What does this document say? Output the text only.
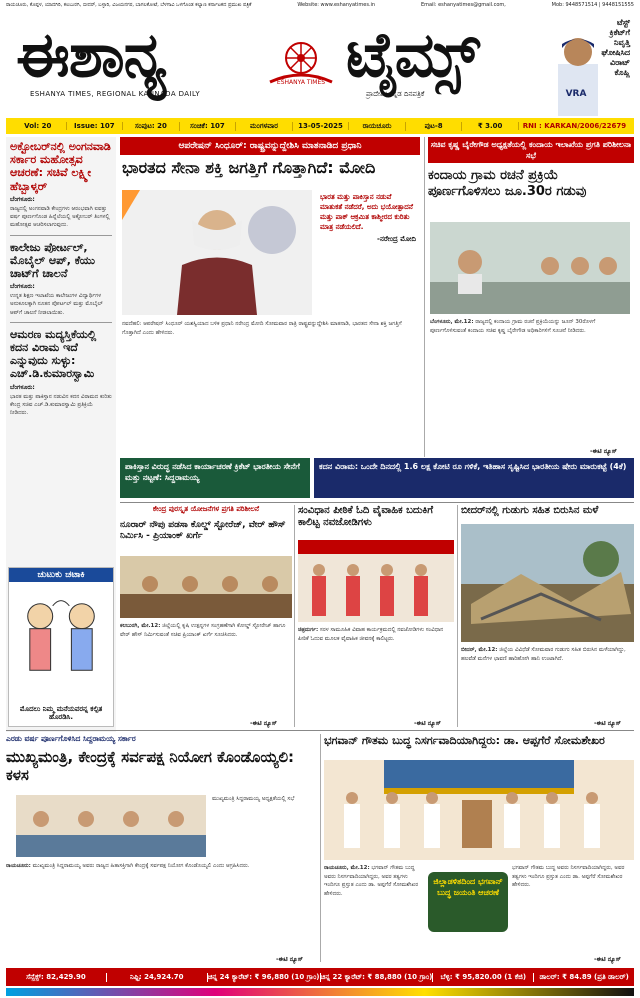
ರಾಯಚೂರು, ಕೊಪ್ಪಳ, ಯಾದಗಿರಿ, ಕಲಬುರಗಿ, ಬೀದರ್, ಬಳ್ಳಾರಿ, ವಿಜಯನಗರ, ಬಾಗಲಕೋಟೆ, ಬೆಳಗಾವಿ ಒಳಗೊಂಡ ಕಲ್ಯಾಣ ಕರ್ನಾಟಕದ ಪ್ರಮುಖ ಪತ್ರಿಕೆ	Website: www.eshanyatimes.in	Email: eshanyatimes@gmail.com,	Mob: 9448571514 | 9448151555
ಈಶಾನ್ಯ	ಟೈಮ್ಸ್
ESHANYA TIMES
ESHANYA TIMES, REGIONAL KANNADA DAILY	ಪ್ರಾದೇಶಿಕ ಕನ್ನಡ ದಿನಪತ್ರಿಕೆ	VRA
ಟೆಸ್ಟ್
ಕ್ರಿಕೆಟ್‌ಗೆ
ನಿವೃತ್ತಿ
ಘೋಷಿಸಿದ
ವಿರಾಟ್
ಕೊಹ್ಲಿ
Vol: 20	Issue: 107	ಸಂಪುಟ: 20	ಸಂಚಿಕೆ: 107	ಮಂಗಳವಾರ	13-05-2025	ರಾಯಚೂರು	ಪುಟ-8	₹ 3.00	RNI : KARKAN/2006/22679
ಅಕ್ಟೋಬರ್‌ನಲ್ಲಿ ಅಂಗನವಾಡಿ ಸರ್ಕಾರ ಮಹೋತ್ಸವ ಆಚರಣೆ: ಸಚಿವೆ ಲಕ್ಷ್ಮೀ ಹೆಬ್ಬಾಳ್ಕರ್
ಬೆಂಗಳೂರು:
ರಾಜ್ಯದಲ್ಲಿ ಅಂಗನವಾಡಿ ಕೇಂದ್ರಗಳು ಆರಂಭವಾಗಿ ಐವತ್ತು ವರ್ಷ ಪೂರ್ಣಗೊಂಡ ಹಿನ್ನೆಲೆಯಲ್ಲಿ ಅಕ್ಟೋಬರ್ ತಿಂಗಳಲ್ಲಿ ಮಹೋತ್ಸವ ಆಚರಿಸಲಾಗುವುದು.
ಕಾಲೇಜು ಪೋರ್ಟಲ್, ಮೊಬೈಲ್ ಆಪ್, ಕೆಯು ಚಾಟ್‌ಗೆ ಚಾಲನೆ
ಬೆಂಗಳೂರು:
ಉನ್ನತ ಶಿಕ್ಷಣ ಇಲಾಖೆಯ ಕಾಲೇಜುಗಳ ವಿದ್ಯಾರ್ಥಿಗಳ ಅನುಕೂಲಕ್ಕಾಗಿ ನೂತನ ಪೋರ್ಟಲ್ ಮತ್ತು ಮೊಬೈಲ್ ಆಪ್‌ಗೆ ಚಾಲನೆ ನೀಡಲಾಯಿತು.
ಆಮರಣ ಮದ್ಯಸ್ತಿಕೆಯಲ್ಲಿ ಕದನ ವಿರಾಮ ಇದೆ ಎನ್ನುವುದು ಸುಳ್ಳು: ಎಚ್.ಡಿ.ಕುಮಾರಸ್ವಾಮಿ
ಬೆಂಗಳೂರು:
ಭಾರತ ಮತ್ತು ಪಾಕಿಸ್ತಾನ ನಡುವಿನ ಕದನ ವಿರಾಮದ ಕುರಿತು ಕೇಂದ್ರ ಸಚಿವ ಎಚ್.ಡಿ.ಕುಮಾರಸ್ವಾಮಿ ಪ್ರತಿಕ್ರಿಯೆ ನೀಡಿದರು.
ಚುಟುಕು ಚಟಾಕಿ
ಮೊದಲು ನಿಮ್ಮ ಮನೆಯವರನ್ನ ಕಲ್ಪಿತ ಹೊರಡಿಸಿ.
ಆಪರೇಷನ್ ಸಿಂಧೂರ್: ರಾಷ್ಟ್ರವನ್ನುದ್ದೇಶಿಸಿ ಮಾತನಾಡಿದ ಪ್ರಧಾನಿ
ಭಾರತದ ಸೇನಾ ಶಕ್ತಿ ಜಗತ್ತಿಗೆ ಗೊತ್ತಾಗಿದೆ: ಮೋದಿ
ಭಾರತ ಮತ್ತು ಪಾಕಿಸ್ತಾನ ನಡುವೆ ಮಾತುಕತೆ ನಡೆದರೆ, ಅದು ಭಯೋತ್ಪಾದನೆ ಮತ್ತು ಪಾಕ್ ಆಕ್ರಮಿತ ಕಾಶ್ಮೀರದ ಕುರಿತು ಮಾತ್ರ ನಡೆಯಲಿದೆ.
-ನರೇಂದ್ರ ಮೋದಿ
ನವದೆಹಲಿ: ಆಪರೇಷನ್ ಸಿಂಧೂರ್ ಯಶಸ್ವಿಯಾದ ಬಳಿಕ ಪ್ರಧಾನಿ ನರೇಂದ್ರ ಮೋದಿ ಸೋಮವಾರ ರಾತ್ರಿ ರಾಷ್ಟ್ರವನ್ನುದ್ದೇಶಿಸಿ ಮಾತನಾಡಿ, ಭಾರತದ ಸೇನಾ ಶಕ್ತಿ ಜಗತ್ತಿಗೆ ಗೊತ್ತಾಗಿದೆ ಎಂದು ಹೇಳಿದರು.
ಸಚಿವ ಕೃಷ್ಣ ಬೈರೇಗೌಡ ಅಧ್ಯಕ್ಷತೆಯಲ್ಲಿ ಕಂದಾಯ ಇಲಾಖೆಯ ಪ್ರಗತಿ ಪರಿಶೀಲನಾ ಸಭೆ
ಕಂದಾಯ ಗ್ರಾಮ ರಚನೆ ಪ್ರಕ್ರಿಯೆ ಪೂರ್ಣಗೊಳಿಸಲು ಜೂ.30ರ ಗಡುವು
ಬೆಂಗಳೂರು, ಮೇ.12: ರಾಜ್ಯದಲ್ಲಿ ಕಂದಾಯ ಗ್ರಾಮ ರಚನೆ ಪ್ರಕ್ರಿಯೆಯನ್ನು ಜೂನ್ 30ರೊಳಗೆ ಪೂರ್ಣಗೊಳಿಸುವಂತೆ ಕಂದಾಯ ಸಚಿವ ಕೃಷ್ಣ ಬೈರೇಗೌಡ ಅಧಿಕಾರಿಗಳಿಗೆ ಸೂಚನೆ ನೀಡಿದರು.
-ಈಟಿ ನ್ಯೂಸ್
ಪಾಕಿಸ್ತಾನ ವಿರುದ್ಧ ನಡೆಸಿದ ಕಾರ್ಯಾಚರಣೆ ಕ್ರಿಕೆಟ್ ಭಾರತೀಯ ಸೇನೆಗೆ ಮತ್ತು ನಟ್ಟಣೆ: ಸಿದ್ದರಾಮಯ್ಯ
ಕದನ ವಿರಾಮ: ಒಂದೇ ದಿನದಲ್ಲಿ 1.6 ಲಕ್ಷ ಕೋಟಿ ರೂ ಗಳಿಕೆ, ಇತಿಹಾಸ ಸೃಷ್ಟಿಸಿದ ಭಾರತೀಯ ಷೇರು ಮಾರುಕಟ್ಟೆ (4ಕೆ)
ಕೇಂದ್ರ ಪುರಸ್ಕೃತ ಯೋಜನೆಗಳ ಪ್ರಗತಿ ಪರಿಶೀಲನೆ
ನೂರಾರ್ ನೌಪು ಪಡಸಾ ಕೊಲ್ಡ್ ಸ್ಟೋರೆಜ್, ವೇರ್ ಹೌಸ್ ನಿರ್ಮಿಸಿ - ಪ್ರಿಯಾಂಕ್ ಖರ್ಗೆ
ಕಲಬುರಗಿ, ಮೇ.12: ಜಿಲ್ಲೆಯಲ್ಲಿ ಕೃಷಿ ಉತ್ಪನ್ನಗಳ ಸಂಗ್ರಹಣೆಗಾಗಿ ಕೋಲ್ಡ್ ಸ್ಟೋರೇಜ್ ಹಾಗೂ ವೇರ್ ಹೌಸ್ ನಿರ್ಮಿಸುವಂತೆ ಸಚಿವ ಪ್ರಿಯಾಂಕ್ ಖರ್ಗೆ ಸೂಚಿಸಿದರು.
-ಈಟಿ ನ್ಯೂಸ್
ಸಂವಿಧಾನ ಪೀಠಿಕೆ ಓದಿ ವೈವಾಹಿಕ ಬದುಕಿಗೆ ಕಾಲಿಟ್ಟ ನವಜೋಡಿಗಳು
ಚಿತ್ರದುರ್ಗ: ಸರಳ ಸಾಮೂಹಿಕ ವಿವಾಹ ಕಾರ್ಯಕ್ರಮದಲ್ಲಿ ನವಜೋಡಿಗಳು ಸಂವಿಧಾನ ಪೀಠಿಕೆ ಓದುವ ಮೂಲಕ ವೈವಾಹಿಕ ಜೀವನಕ್ಕೆ ಕಾಲಿಟ್ಟರು.
-ಈಟಿ ನ್ಯೂಸ್
ಬೀದರ್‌ನಲ್ಲಿ ಗುಡುಗು ಸಹಿತ ಬಿರುಸಿನ ಮಳೆ
ಬೀದರ್, ಮೇ.12: ಜಿಲ್ಲೆಯ ವಿವಿಧೆಡೆ ಸೋಮವಾರ ಗುಡುಗು ಸಹಿತ ಬಿರುಸಿನ ಮಳೆಯಾಗಿದ್ದು, ಹಲವೆಡೆ ಮನೆಗಳ ಛಾವಣಿ ಹಾರಿಹೋಗಿ ಹಾನಿ ಉಂಟಾಗಿದೆ.
-ಈಟಿ ನ್ಯೂಸ್
ಎರಡು ವರ್ಷ ಪೂರ್ಣಗೊಳಿಸಿದ ಸಿದ್ದರಾಮಯ್ಯ ಸರ್ಕಾರ
ಮುಖ್ಯಮಂತ್ರಿ, ಕೇಂದ್ರಕ್ಕೆ ಸರ್ವಪಕ್ಷ ನಿಯೋಗ ಕೊಂಡೊಯ್ಯಲಿ: ಕಳಸ
ಮುಖ್ಯಮಂತ್ರಿ ಸಿದ್ದರಾಮಯ್ಯ ಅಧ್ಯಕ್ಷತೆಯಲ್ಲಿ ಸಭೆ
ರಾಯಚೂರು: ಮುಖ್ಯಮಂತ್ರಿ ಸಿದ್ದರಾಮಯ್ಯ ಅವರು ರಾಜ್ಯದ ಹಿತಾಸಕ್ತಿಗಾಗಿ ಕೇಂದ್ರಕ್ಕೆ ಸರ್ವಪಕ್ಷ ನಿಯೋಗ ಕೊಂಡೊಯ್ಯಲಿ ಎಂದು ಆಗ್ರಹಿಸಿದರು.
-ಈಟಿ ನ್ಯೂಸ್
ಭಗವಾನ್ ಗೌತಮ ಬುದ್ಧ ನಿಸರ್ಗವಾದಿಯಾಗಿದ್ದರು: ಡಾ. ಆಪ್ಪಗೆರೆ ಸೋಮಶೇಖರ
ರಾಯಚೂರು, ಮೇ.12: ಭಗವಾನ್ ಗೌತಮ ಬುದ್ಧ ಅವರು ನಿಸರ್ಗವಾದಿಯಾಗಿದ್ದರು, ಅವರ ತತ್ವಗಳು ಇಂದಿಗೂ ಪ್ರಸ್ತುತ ಎಂದು ಡಾ. ಅಪ್ಪಗೆರೆ ಸೋಮಶೇಖರ ಹೇಳಿದರು.
ಜಿಲ್ಲಾಡಳಿತದಿಂದ ಭಗವಾನ್ ಬುದ್ಧ ಜಯಂತಿ ಆಚರಣೆ
ಭಗವಾನ್ ಗೌತಮ ಬುದ್ಧ ಅವರು ನಿಸರ್ಗವಾದಿಯಾಗಿದ್ದರು, ಅವರ ತತ್ವಗಳು ಇಂದಿಗೂ ಪ್ರಸ್ತುತ ಎಂದು ಡಾ. ಅಪ್ಪಗೆರೆ ಸೋಮಶೇಖರ ಹೇಳಿದರು.
-ಈಟಿ ನ್ಯೂಸ್
ಸೆನ್ಸೆಕ್ಸ್: 82,429.90	ನಿಫ್ಟಿ: 24,924.70	ಚಿನ್ನ 24 ಕ್ಯಾರೆಟ್: ₹ 96,880 (10 ಗ್ರಾಂ) ಚಿನ್ನ 22 ಕ್ಯಾರೆಟ್: ₹ 88,880 (10 ಗ್ರಾಂ)	ಬೆಳ್ಳಿ: ₹ 95,820.00 (1 ಕೆಜಿ)	ಡಾಲರ್: ₹ 84.89 (ಪ್ರತಿ ಡಾಲರ್)
